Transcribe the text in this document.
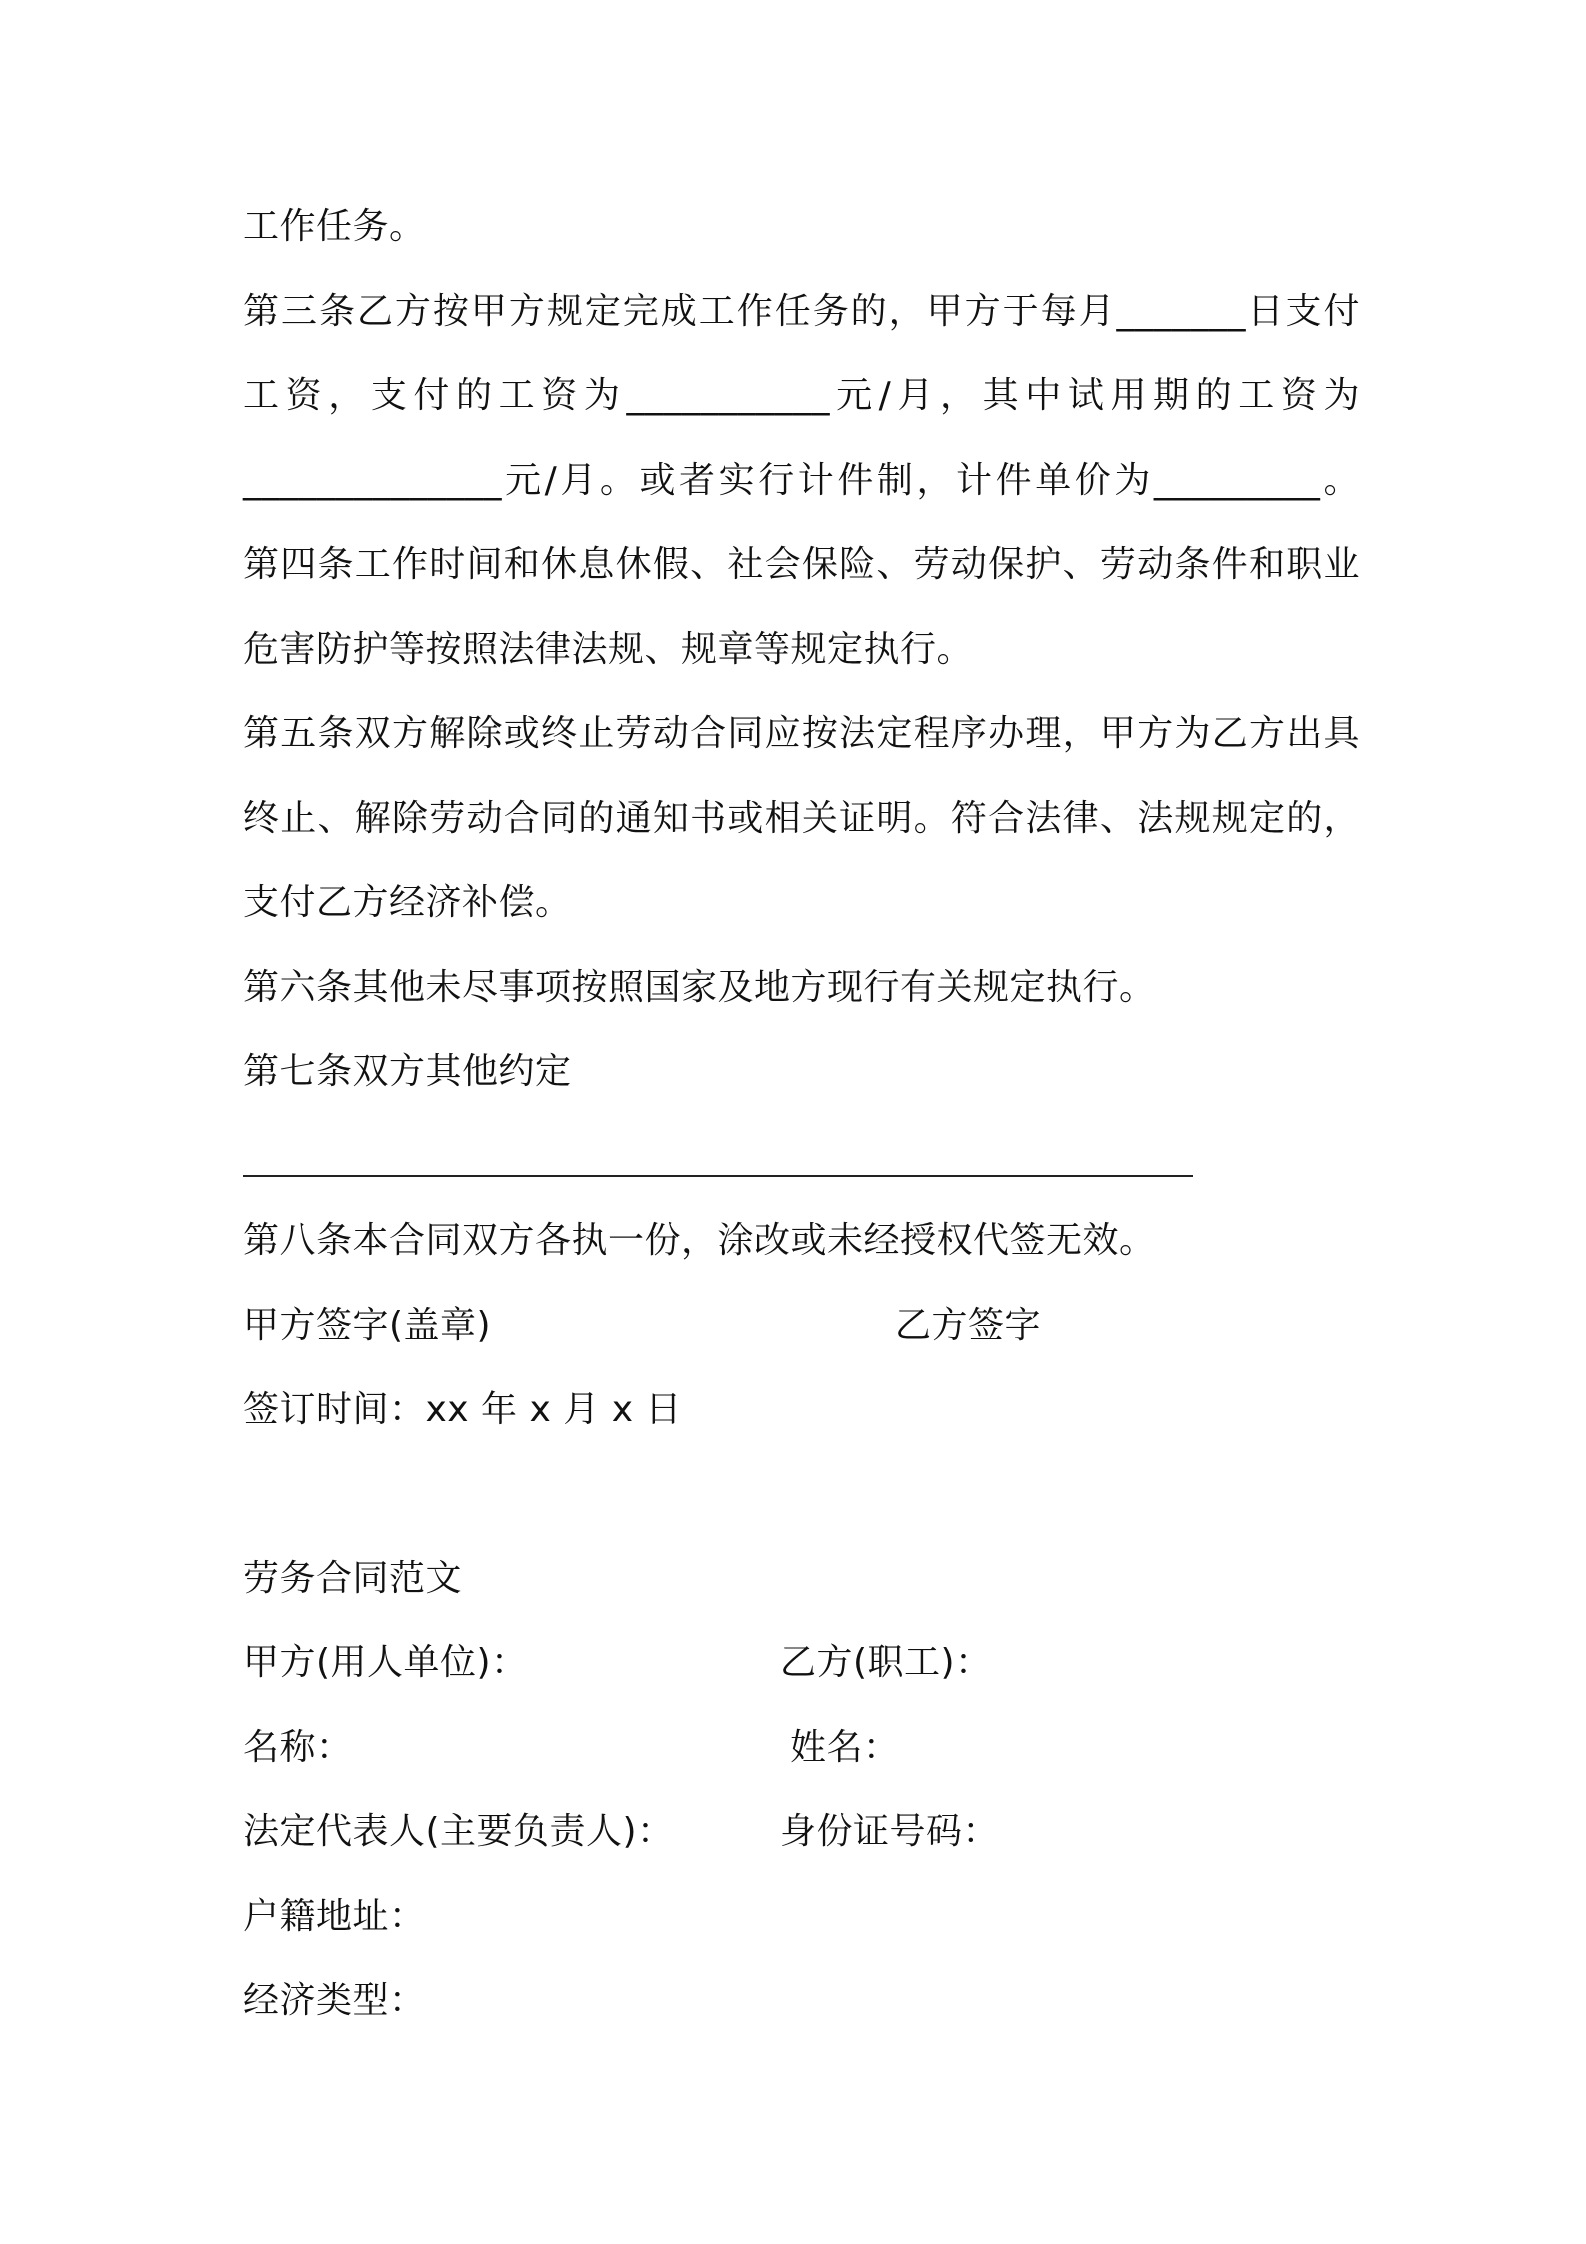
工作任务。
第三条乙方按甲方规定完成工作任务的，甲方于每月_______日支付
工资，支付的工资为___________元/月，其中试用期的工资为
______________元/月。或者实行计件制，计件单价为_________。
第四条工作时间和休息休假、社会保险、劳动保护、劳动条件和职业
危害防护等按照法律法规、规章等规定执行。
第五条双方解除或终止劳动合同应按法定程序办理，甲方为乙方出具
终止、解除劳动合同的通知书或相关证明。符合法律、法规规定的，
支付乙方经济补偿。
第六条其他未尽事项按照国家及地方现行有关规定执行。
第七条双方其他约定
第八条本合同双方各执一份，涂改或未经授权代签无效。
甲方签字(盖章)	乙方签字
签订时间：xx 年 x 月 x 日
劳务合同范文
甲方(用人单位)：	乙方(职工)：
名称：	姓名：
法定代表人(主要负责人)：	身份证号码：
户籍地址：
经济类型：
